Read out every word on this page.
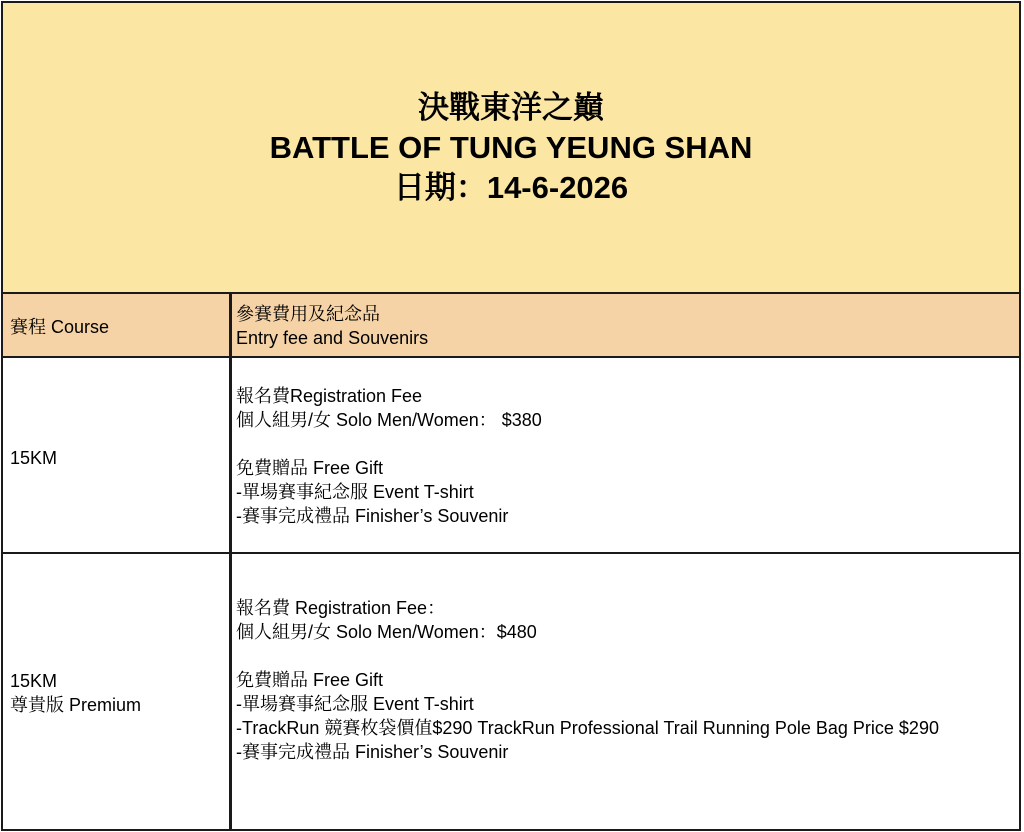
決戰東洋之巔
BATTLE OF TUNG YEUNG SHAN
日期：14-6-2026
賽程 Course
參賽費用及紀念品
Entry fee and Souvenirs
15KM
報名費Registration Fee
個人組男/女 Solo Men/Women： $380
免費贈品 Free Gift
-單場賽事紀念服 Event T-shirt
-賽事完成禮品 Finisher’s Souvenir
15KM
尊貴版 Premium
報名費 Registration Fee：
個人組男/女 Solo Men/Women：$480
免費贈品 Free Gift
-單場賽事紀念服 Event T-shirt
-TrackRun 競賽枚袋價值$290 TrackRun Professional Trail Running Pole Bag Price $290
-賽事完成禮品 Finisher’s Souvenir
